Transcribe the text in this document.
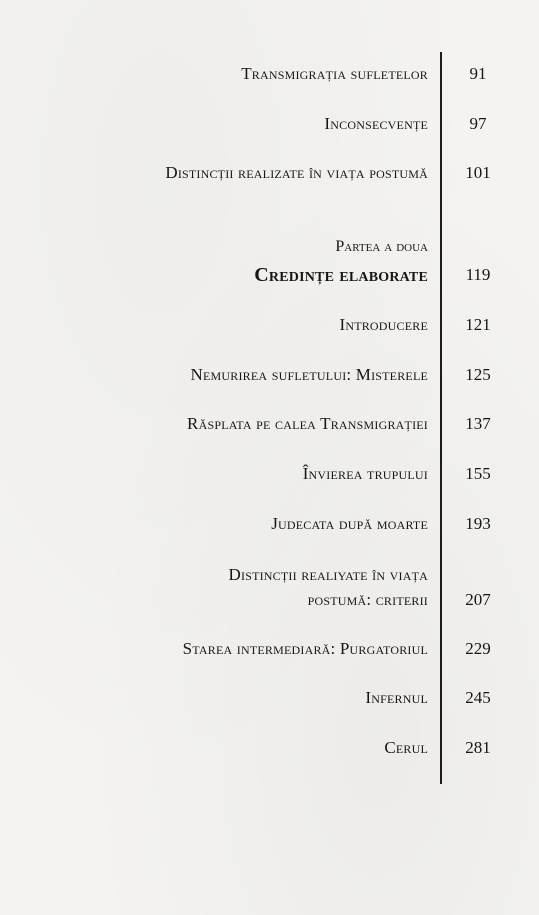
Transmigrația sufletelor	91
Inconsecvențe	97
Distincții realizate în viața postumă	101
Partea a doua
Credințe elaborate	119
Introducere	121
Nemurirea sufletului: Misterele	125
Răsplata pe calea Transmigrației	137
Învierea trupului	155
Judecata după moarte	193
Distincții realiyate în viața
postumă: criterii	207
Starea intermediară: Purgatoriul	229
Infernul	245
Cerul	281
